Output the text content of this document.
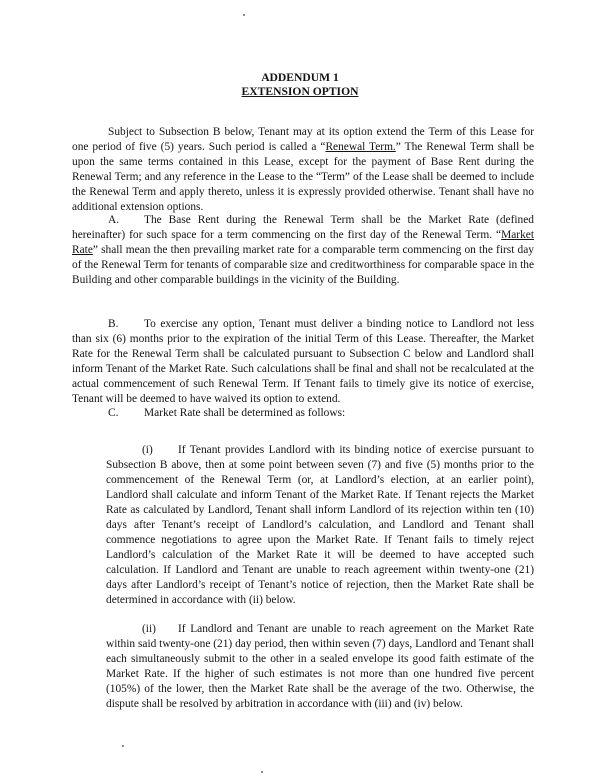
ADDENDUM 1
EXTENSION OPTION
Subject to Subsection B below, Tenant may at its option extend the Term of this Lease for one period of five (5) years. Such period is called a “Renewal Term.” The Renewal Term shall be upon the same terms contained in this Lease, except for the payment of Base Rent during the Renewal Term; and any reference in the Lease to the “Term” of the Lease shall be deemed to include the Renewal Term and apply thereto, unless it is expressly provided otherwise. Tenant shall have no additional extension options.
A. The Base Rent during the Renewal Term shall be the Market Rate (defined hereinafter) for such space for a term commencing on the first day of the Renewal Term. “Market Rate” shall mean the then prevailing market rate for a comparable term commencing on the first day of the Renewal Term for tenants of comparable size and creditworthiness for comparable space in the Building and other comparable buildings in the vicinity of the Building.
B. To exercise any option, Tenant must deliver a binding notice to Landlord not less than six (6) months prior to the expiration of the initial Term of this Lease. Thereafter, the Market Rate for the Renewal Term shall be calculated pursuant to Subsection C below and Landlord shall inform Tenant of the Market Rate. Such calculations shall be final and shall not be recalculated at the actual commencement of such Renewal Term. If Tenant fails to timely give its notice of exercise, Tenant will be deemed to have waived its option to extend.
C. Market Rate shall be determined as follows:
(i) If Tenant provides Landlord with its binding notice of exercise pursuant to Subsection B above, then at some point between seven (7) and five (5) months prior to the commencement of the Renewal Term (or, at Landlord’s election, at an earlier point), Landlord shall calculate and inform Tenant of the Market Rate. If Tenant rejects the Market Rate as calculated by Landlord, Tenant shall inform Landlord of its rejection within ten (10) days after Tenant’s receipt of Landlord’s calculation, and Landlord and Tenant shall commence negotiations to agree upon the Market Rate. If Tenant fails to timely reject Landlord’s calculation of the Market Rate it will be deemed to have accepted such calculation. If Landlord and Tenant are unable to reach agreement within twenty-one (21) days after Landlord’s receipt of Tenant’s notice of rejection, then the Market Rate shall be determined in accordance with (ii) below.
(ii) If Landlord and Tenant are unable to reach agreement on the Market Rate within said twenty-one (21) day period, then within seven (7) days, Landlord and Tenant shall each simultaneously submit to the other in a sealed envelope its good faith estimate of the Market Rate. If the higher of such estimates is not more than one hundred five percent (105%) of the lower, then the Market Rate shall be the average of the two. Otherwise, the dispute shall be resolved by arbitration in accordance with (iii) and (iv) below.
